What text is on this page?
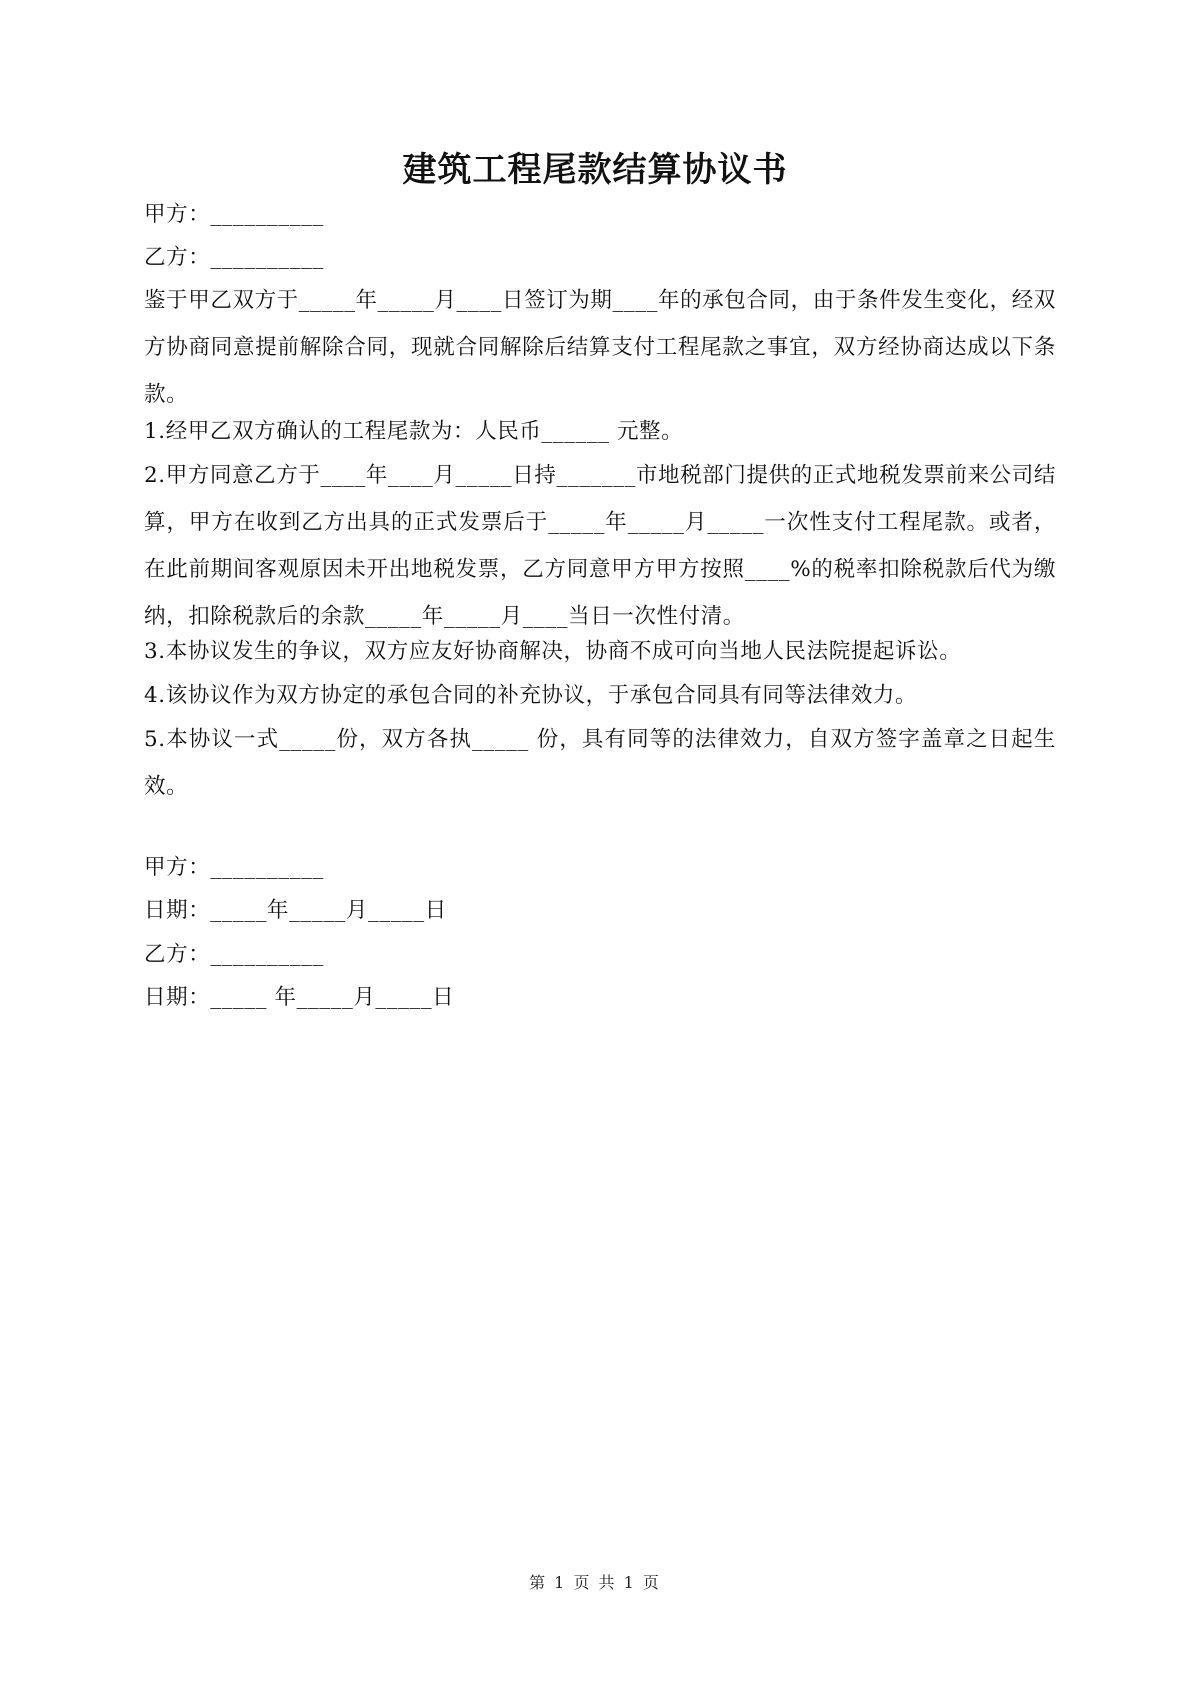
建筑工程尾款结算协议书
甲方：__________
乙方：__________

鉴于甲乙双方于_____年_____月____日签订为期____年的承包合同，由于条件发生变化，经双方协商同意提前解除合同，现就合同解除后结算支付工程尾款之事宜，双方经协商达成以下条款。

1.经甲乙双方确认的工程尾款为：人民币______ 元整。

2.甲方同意乙方于____年____月_____日持_______市地税部门提供的正式地税发票前来公司结算，甲方在收到乙方出具的正式发票后于_____年_____月_____一次性支付工程尾款。或者，在此前期间客观原因未开出地税发票，乙方同意甲方甲方按照____%的税率扣除税款后代为缴纳，扣除税款后的余款_____年_____月____当日一次性付清。

3.本协议发生的争议，双方应友好协商解决，协商不成可向当地人民法院提起诉讼。

4.该协议作为双方协定的承包合同的补充协议，于承包合同具有同等法律效力。

5.本协议一式_____份，双方各执_____ 份，具有同等的法律效力，自双方签字盖章之日起生效。

甲方：__________
日期：_____年_____月_____日
乙方：__________
日期：_____ 年_____月_____日
第 1 页 共 1 页
